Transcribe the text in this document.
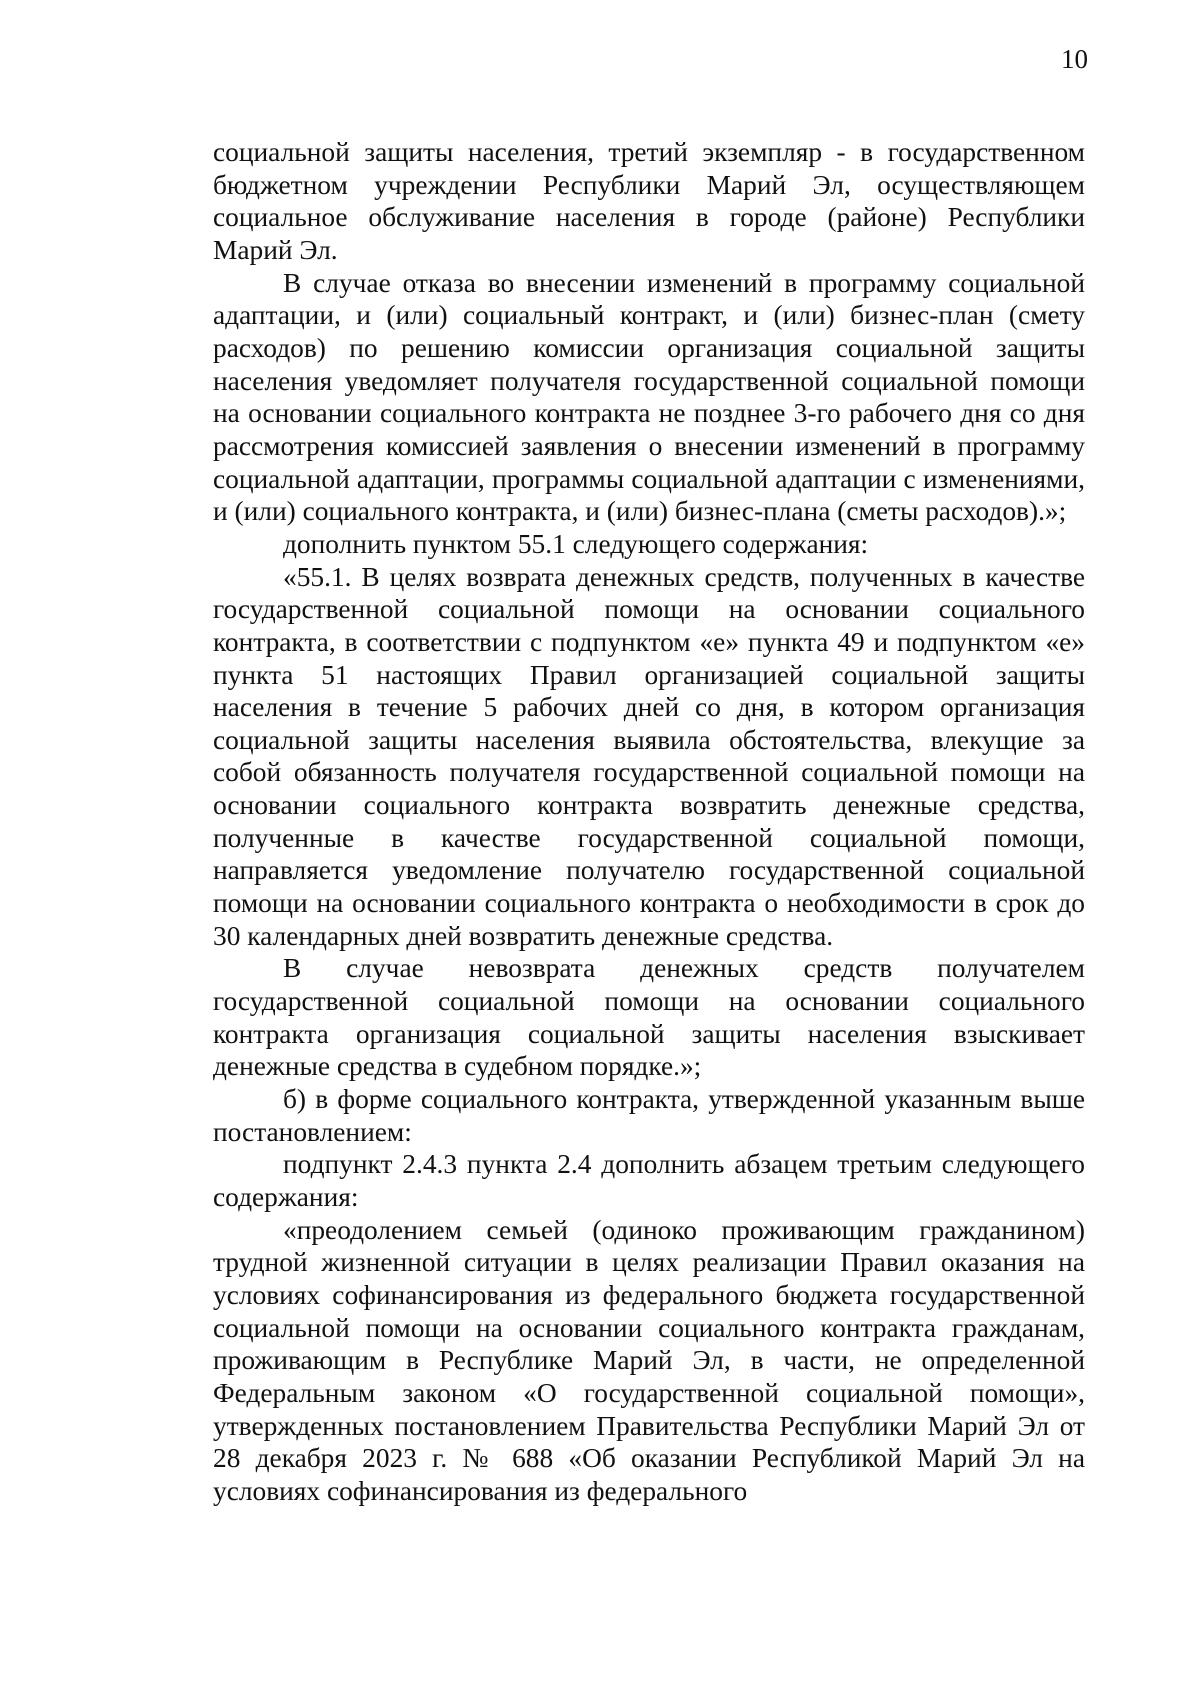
10

социальной защиты населения, третий экземпляр - в государственном бюджетном учреждении Республики Марий Эл, осуществляющем социальное обслуживание населения в городе (районе) Республики Марий Эл.

В случае отказа во внесении изменений в программу социальной адаптации, и (или) социальный контракт, и (или) бизнес-план (смету расходов) по решению комиссии организация социальной защиты населения уведомляет получателя государственной социальной помощи на основании социального контракта не позднее 3-го рабочего дня со дня рассмотрения комиссией заявления о внесении изменений в программу социальной адаптации, программы социальной адаптации с изменениями, и (или) социального контракта, и (или) бизнес-плана (сметы расходов).»;

дополнить пунктом 55.1 следующего содержания:

«55.1. В целях возврата денежных средств, полученных в качестве государственной социальной помощи на основании социального контракта, в соответствии с подпунктом «е» пункта 49 и подпунктом «е» пункта 51 настоящих Правил организацией социальной защиты населения в течение 5 рабочих дней со дня, в котором организация социальной защиты населения выявила обстоятельства, влекущие за собой обязанность получателя государственной социальной помощи на основании социального контракта возвратить денежные средства, полученные в качестве государственной социальной помощи, направляется уведомление получателю государственной социальной помощи на основании социального контракта о необходимости в срок до 30 календарных дней возвратить денежные средства.

В случае невозврата денежных средств получателем государственной социальной помощи на основании социального контракта организация социальной защиты населения взыскивает денежные средства в судебном порядке.»;

б) в форме социального контракта, утвержденной указанным выше постановлением:

подпункт 2.4.3 пункта 2.4 дополнить абзацем третьим следующего содержания:

«преодолением семьей (одиноко проживающим гражданином) трудной жизненной ситуации в целях реализации Правил оказания на условиях софинансирования из федерального бюджета государственной социальной помощи на основании социального контракта гражданам, проживающим в Республике Марий Эл, в части, не определенной Федеральным законом «О государственной социальной помощи», утвержденных постановлением Правительства Республики Марий Эл от 28 декабря 2023 г. № 688 «Об оказании Республикой Марий Эл на условиях софинансирования из федерального
